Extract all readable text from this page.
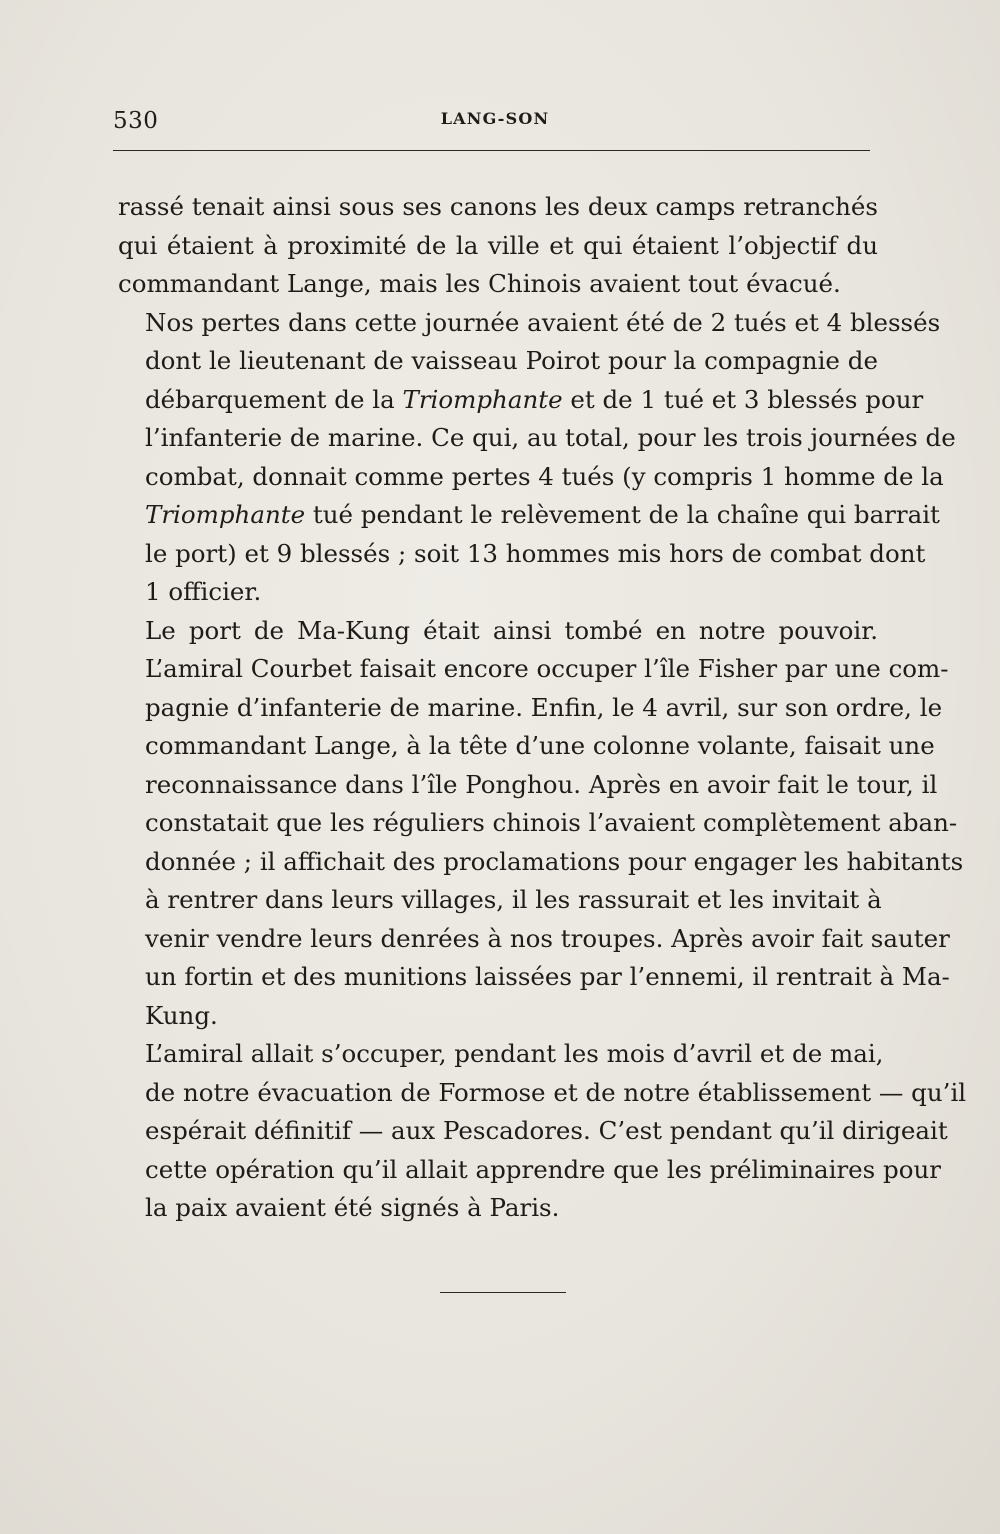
530	LANG-SON

rassé tenait ainsi sous ses canons les deux camps retranchés
qui étaient à proximité de la ville et qui étaient l’objectif du
commandant Lange, mais les Chinois avaient tout évacué.

Nos pertes dans cette journée avaient été de 2 tués et 4 blessés
dont le lieutenant de vaisseau Poirot pour la compagnie de
débarquement de la Triomphante et de 1 tué et 3 blessés pour
l’infanterie de marine. Ce qui, au total, pour les trois journées de
combat, donnait comme pertes 4 tués (y compris 1 homme de la
Triomphante tué pendant le relèvement de la chaîne qui barrait
le port) et 9 blessés ; soit 13 hommes mis hors de combat dont
1 officier.

Le port de Ma-Kung était ainsi tombé en notre pouvoir.
L’amiral Courbet faisait encore occuper l’île Fisher par une com-
pagnie d’infanterie de marine. Enfin, le 4 avril, sur son ordre, le
commandant Lange, à la tête d’une colonne volante, faisait une
reconnaissance dans l’île Ponghou. Après en avoir fait le tour, il
constatait que les réguliers chinois l’avaient complètement aban-
donnée ; il affichait des proclamations pour engager les habitants
à rentrer dans leurs villages, il les rassurait et les invitait à
venir vendre leurs denrées à nos troupes. Après avoir fait sauter
un fortin et des munitions laissées par l’ennemi, il rentrait à Ma-
Kung.

L’amiral allait s’occuper, pendant les mois d’avril et de mai,
de notre évacuation de Formose et de notre établissement — qu’il
espérait définitif — aux Pescadores. C’est pendant qu’il dirigeait
cette opération qu’il allait apprendre que les préliminaires pour
la paix avaient été signés à Paris.
